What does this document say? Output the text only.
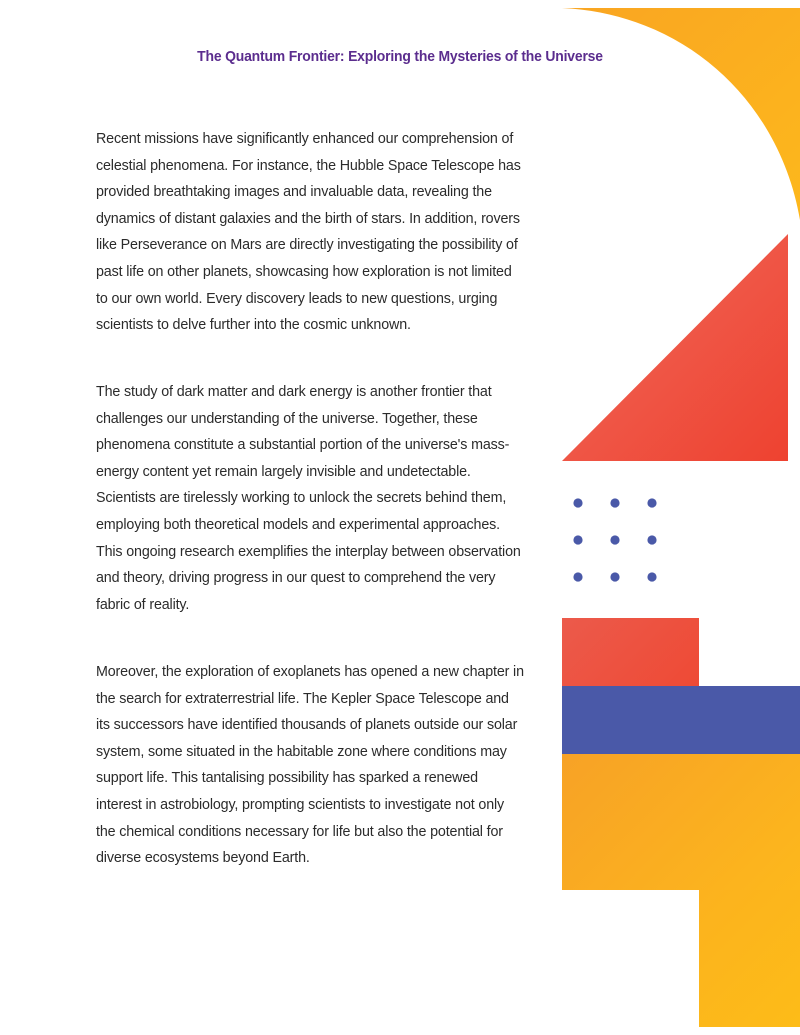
The Quantum Frontier: Exploring the Mysteries of the Universe

Recent missions have significantly enhanced our comprehension of celestial phenomena. For instance, the Hubble Space Telescope has provided breathtaking images and invaluable data, revealing the dynamics of distant galaxies and the birth of stars. In addition, rovers like Perseverance on Mars are directly investigating the possibility of past life on other planets, showcasing how exploration is not limited to our own world. Every discovery leads to new questions, urging scientists to delve further into the cosmic unknown.

The study of dark matter and dark energy is another frontier that challenges our understanding of the universe. Together, these phenomena constitute a substantial portion of the universe's mass-energy content yet remain largely invisible and undetectable. Scientists are tirelessly working to unlock the secrets behind them, employing both theoretical models and experimental approaches. This ongoing research exemplifies the interplay between observation and theory, driving progress in our quest to comprehend the very fabric of reality.

Moreover, the exploration of exoplanets has opened a new chapter in the search for extraterrestrial life. The Kepler Space Telescope and its successors have identified thousands of planets outside our solar system, some situated in the habitable zone where conditions may support life. This tantalising possibility has sparked a renewed interest in astrobiology, prompting scientists to investigate not only the chemical conditions necessary for life but also the potential for diverse ecosystems beyond Earth.
